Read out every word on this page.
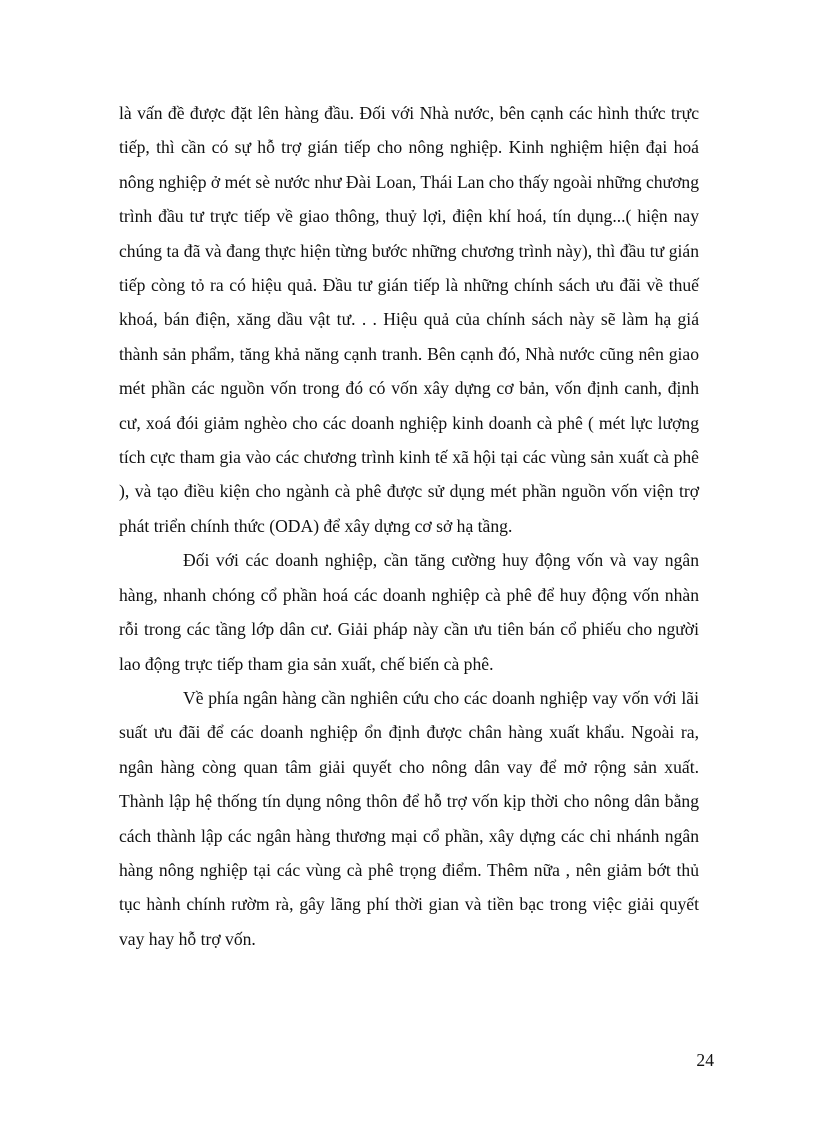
là vấn đề được đặt lên hàng đầu. Đối với Nhà nước, bên cạnh các hình thức trực tiếp, thì cần có sự hỗ trợ gián tiếp cho nông nghiệp. Kinh nghiệm hiện đại hoá nông nghiệp ở mét sè nước như Đài Loan, Thái Lan cho thấy ngoài những chương trình đầu tư trực tiếp về giao thông, thuỷ lợi, điện khí hoá, tín dụng...( hiện nay chúng ta đã và đang thực hiện từng bước những chương trình này), thì đầu tư gián tiếp còng tỏ ra có hiệu quả. Đầu tư gián tiếp là những chính sách ưu đãi về thuế khoá, bán điện, xăng dầu vật tư. . . Hiệu quả của chính sách này sẽ làm hạ giá thành sản phẩm, tăng khả năng cạnh tranh. Bên cạnh đó, Nhà nước cũng nên giao mét phần các nguồn vốn trong đó có vốn xây dựng cơ bản, vốn định canh, định cư, xoá đói giảm nghèo cho các doanh nghiệp kinh doanh cà phê ( mét lực lượng tích cực tham gia vào các chương trình kinh tế xã hội tại các vùng sản xuất cà phê ), và tạo điều kiện cho ngành cà phê được sử dụng mét phần nguồn vốn viện trợ phát triển chính thức (ODA) để xây dựng cơ sở hạ tầng.

Đối với các doanh nghiệp, cần tăng cường huy động vốn và vay ngân hàng, nhanh chóng cổ phần hoá các doanh nghiệp cà phê để huy động vốn nhàn rỗi trong các tầng lớp dân cư. Giải pháp này cần ưu tiên bán cổ phiếu cho người lao động trực tiếp tham gia sản xuất, chế biến cà phê.

Về phía ngân hàng cần nghiên cứu cho các doanh nghiệp vay vốn với lãi suất ưu đãi để các doanh nghiệp ổn định được chân hàng xuất khẩu. Ngoài ra, ngân hàng còng quan tâm giải quyết cho nông dân vay để mở rộng sản xuất. Thành lập hệ thống tín dụng nông thôn để hỗ trợ vốn kịp thời cho nông dân bằng cách thành lập các ngân hàng thương mại cổ phần, xây dựng các chi nhánh ngân hàng nông nghiệp tại các vùng cà phê trọng điểm. Thêm nữa , nên giảm bớt thủ tục hành chính rườm rà, gây lãng phí thời gian và tiền bạc trong việc giải quyết vay hay hỗ trợ vốn.

24
